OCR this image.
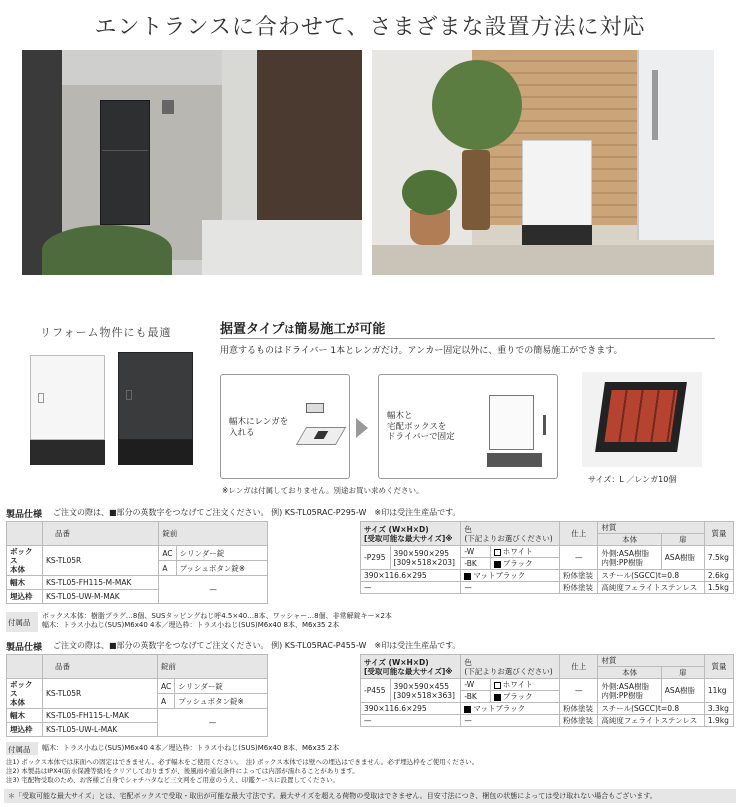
エントランスに合わせて、さまざまな設置方法に対応
リフォーム物件にも最適	据置タイプは簡易施工が可能
用意するものはドライバー 1本とレンガだけ。アンカー固定以外に、重りでの簡易施工ができます。
幅木にレンガを
入れる
幅木と
宅配ボックスを
ドライバーで固定
サイズ：L ／レンガ10個
※レンガは付属しておりません。別途お買い求めください。
製品仕様 ご注文の際は、■部分の英数字をつなげてご注文ください。 例) KS-TL05RAC-P295-W　※印は受注生産品です。
	品番	錠前	
ボックス
本体	KS-TL05R	AC	シリンダー錠
		A	プッシュボタン錠※
幅木	KS-TL05-FH115-M-MAK	—	
埋込枠	KS-TL05-UW-M-MAK		
サイズ (W×H×D)
[受取可能な最大サイズ]※		色
(下記よりお選びください)		仕上	材質		質量
					本体	扉	
-P295	390×590×295
[309×518×203]	-W	ホワイト	—	外側:ASA樹脂
内側:PP樹脂	ASA樹脂	7.5kg
		-BK	ブラック				
390×116.6×295		マットブラック		粉体塗装	スチール(SGCC)t=0.8		2.6kg
—		—		粉体塗装	高純度フェライトステンレス		1.5kg
付属品
ボックス本体：樹脂プラグ…8個、SUSタッピングねじ呼4.5×40…8本、ワッシャー…8個、非常解錠キー×2本
幅木：トラス小ねじ(SUS)M6x40 4本／埋込枠：トラス小ねじ(SUS)M6x40 8本、M6x35 2本
製品仕様 ご注文の際は、■部分の英数字をつなげてご注文ください。 例) KS-TL05RAC-P455-W　※印は受注生産品です。
	品番	錠前	
ボックス
本体	KS-TL05R	AC	シリンダー錠
		A	プッシュボタン錠※
幅木	KS-TL05-FH115-L-MAK	—	
埋込枠	KS-TL05-UW-L-MAK		
サイズ (W×H×D)
[受取可能な最大サイズ]※		色
(下記よりお選びください)		仕上	材質		質量
					本体	扉	
-P455	390×590×455
[309×518×363]	-W	ホワイト	—	外側:ASA樹脂
内側:PP樹脂	ASA樹脂	11kg
		-BK	ブラック				
390×116.6×295		マットブラック		粉体塗装	スチール(SGCC)t=0.8		3.3kg
—		—		粉体塗装	高純度フェライトステンレス		1.9kg
付属品	幅木：トラス小ねじ(SUS)M6x40 4本／埋込枠：トラス小ねじ(SUS)M6x40 8本、M6x35 2本
注1) ボックス本体では床面への固定はできません。必ず幅木をご使用ください。　注) ボックス本体では壁への埋込はできません。必ず埋込枠をご使用ください。
注2) 本製品はIPX4(防水保護等級)をクリアしておりますが、後風雨や通気条件によっては内部が濡れることがあります。
注3) 宅配物受取のため、お客様ご自身でシャチハタなど三文判をご用意のうえ、印鑑ケースに設置してください。
＊「受取可能な最大サイズ」とは、宅配ボックスで受取・取出が可能な最大寸法です。最大サイズを超える荷物の受取はできません。目安寸法につき、梱包の状態によっては受け取れない場合もございます。
